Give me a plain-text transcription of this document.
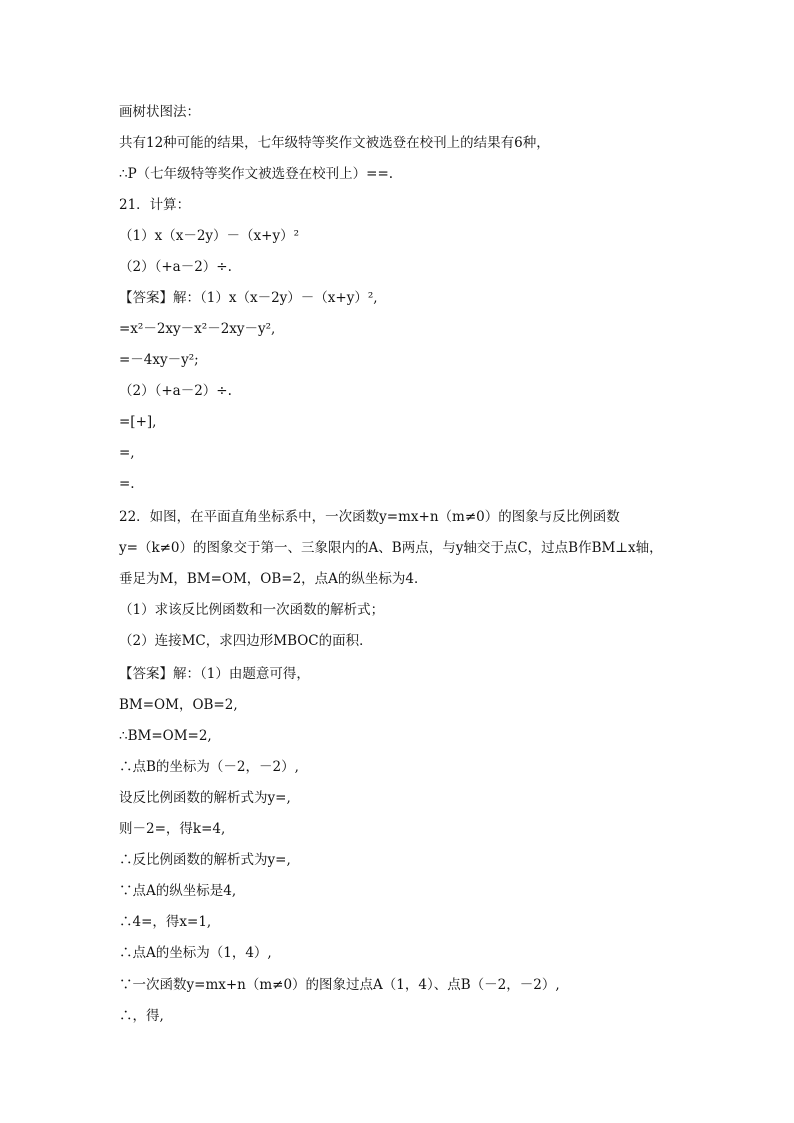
画树状图法：
共有12种可能的结果，七年级特等奖作文被选登在校刊上的结果有6种，
∴P（七年级特等奖作文被选登在校刊上）==.
21．计算：
（1）x（x－2y）－（x+y）²
（2）（+a－2）÷.
【答案】解：（1）x（x－2y）－（x+y）²,
=x²－2xy－x²－2xy－y²,
=－4xy－y²;
（2）（+a－2）÷.
=[+],
=,
=.
22．如图，在平面直角坐标系中，一次函数y=mx+n（m≠0）的图象与反比例函数
y=（k≠0）的图象交于第一、三象限内的A、B两点，与y轴交于点C，过点B作BM⊥x轴，
垂足为M，BM=OM，OB=2，点A的纵坐标为4．
（1）求该反比例函数和一次函数的解析式；
（2）连接MC，求四边形MBOC的面积．
【答案】解：（1）由题意可得，
BM=OM，OB=2,
∴BM=OM=2,
∴点B的坐标为（－2，－2）,
设反比例函数的解析式为y=,
则－2=，得k=4,
∴反比例函数的解析式为y=,
∵点A的纵坐标是4,
∴4=，得x=1,
∴点A的坐标为（1，4）,
∵一次函数y=mx+n（m≠0）的图象过点A（1，4）、点B（－2，－2）,
∴，得,
